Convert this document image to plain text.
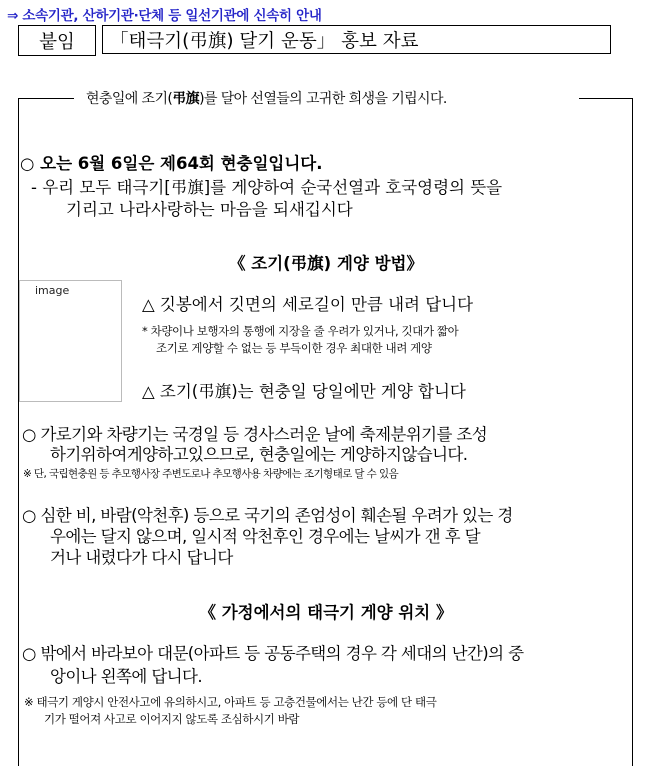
⇒ 소속기관, 산하기관·단체 등 일선기관에 신속히 안내
붙임	「태극기(弔旗) 달기 운동」 홍보 자료
현충일에 조기(弔旗)를 달아 선열들의 고귀한 희생을 기립시다.
○ 오는 6월 6일은 제64회 현충일입니다.
- 우리 모두 태극기[弔旗]를 게양하여 순국선열과 호국영령의 뜻을
기리고 나라사랑하는 마음을 되새깁시다
《 조기(弔旗) 게양 방법》
image
△ 깃봉에서 깃면의 세로길이 만큼 내려 답니다
* 차량이나 보행자의 통행에 지장을 줄 우려가 있거나, 깃대가 짧아
조기로 게양할 수 없는 등 부득이한 경우 최대한 내려 게양
△ 조기(弔旗)는 현충일 당일에만 게양 합니다
○ 가로기와 차량기는 국경일 등 경사스러운 날에 축제분위기를 조성
하기위하여게양하고있으므로, 현충일에는 게양하지않습니다.
※ 단, 국립현충원 등 추모행사장 주변도로나 추모행사용 차량에는 조기형태로 달 수 있음
○ 심한 비, 바람(악천후) 등으로 국기의 존엄성이 훼손될 우려가 있는 경
우에는 달지 않으며, 일시적 악천후인 경우에는 날씨가 갠 후 달
거나 내렸다가 다시 답니다
《 가정에서의 태극기 게양 위치 》
○ 밖에서 바라보아 대문(아파트 등 공동주택의 경우 각 세대의 난간)의 중
앙이나 왼쪽에 답니다.
※ 태극기 게양시 안전사고에 유의하시고, 아파트 등 고층건물에서는 난간 등에 단 태극
기가 떨어져 사고로 이어지지 않도록 조심하시기 바람
